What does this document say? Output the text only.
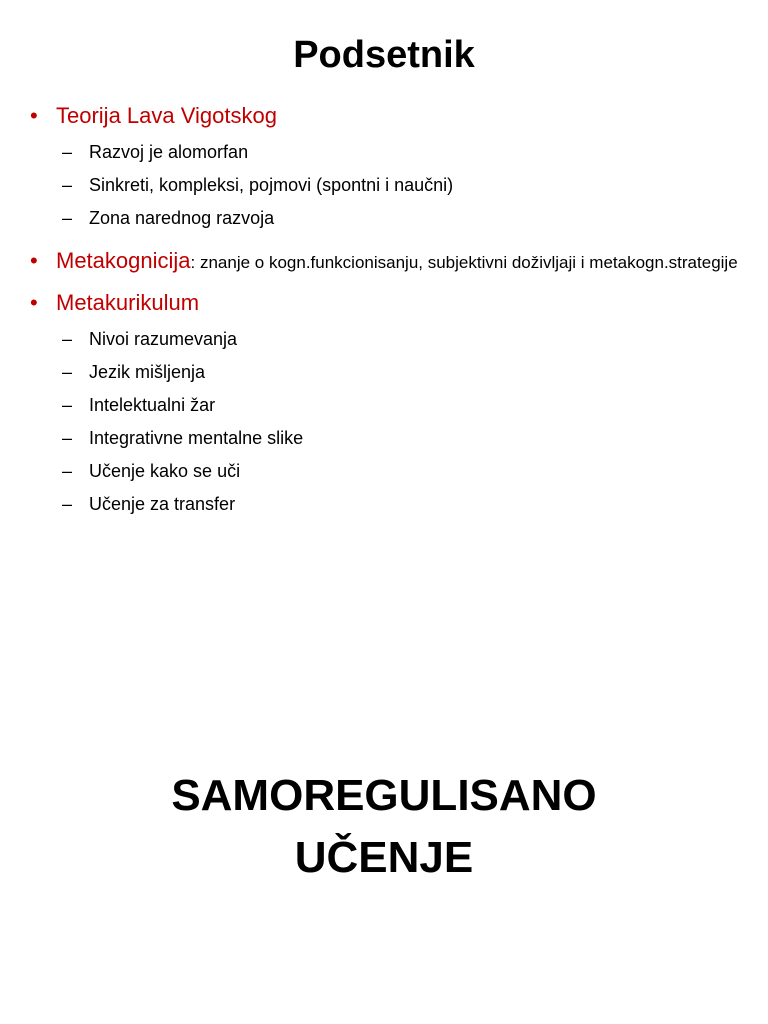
Podsetnik
• Teorija Lava Vigotskog
– Razvoj je alomorfan
– Sinkreti, kompleksi, pojmovi (spontni i naučni)
– Zona narednog razvoja
• Metakognicija: znanje o kogn.funkcionisanju, subjektivni doživljaji i metakogn.strategije
• Metakurikulum
– Nivoi razumevanja
– Jezik mišljenja
– Intelektualni žar
– Integrativne mentalne slike
– Učenje kako se uči
– Učenje za transfer
SAMOREGULISANO
UČENJE
